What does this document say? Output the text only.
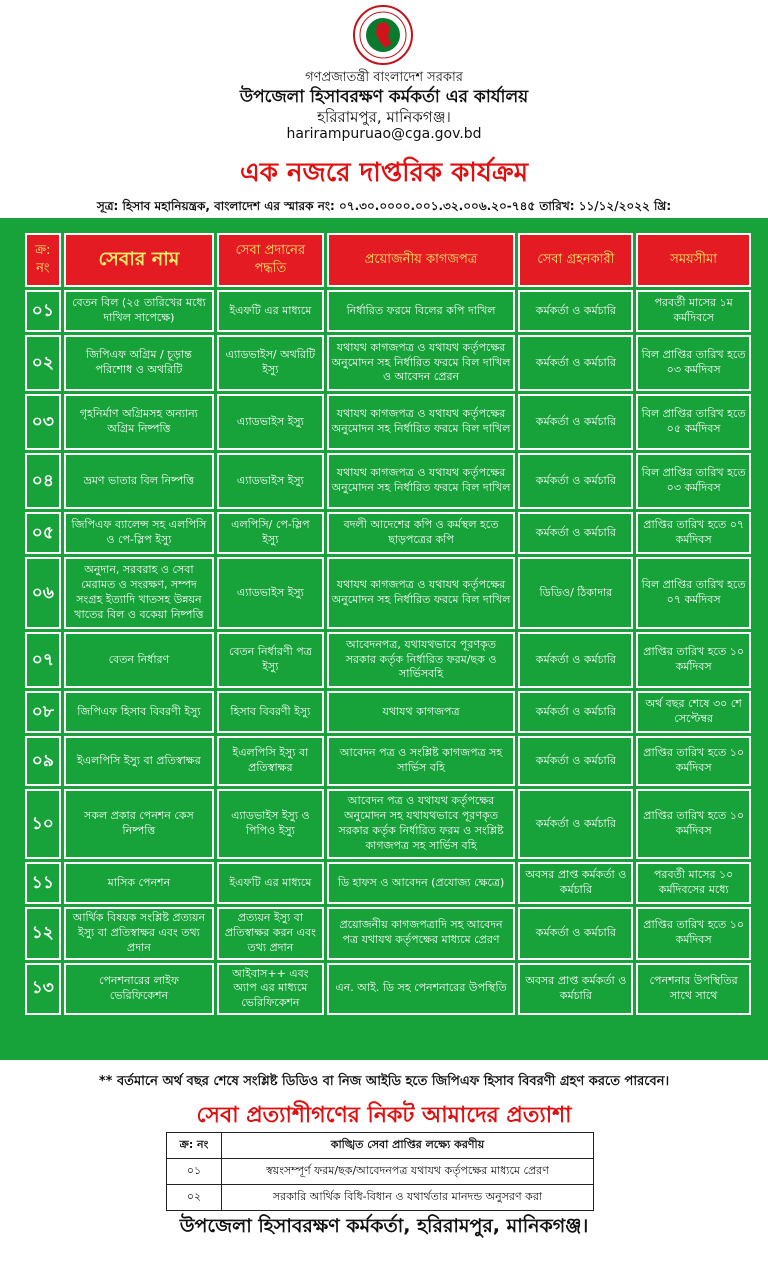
গণপ্রজাতন্ত্রী বাংলাদেশ সরকার
উপজেলা হিসাবরক্ষণ কর্মকর্তা এর কার্যালয়
হরিরামপুর, মানিকগঞ্জ।
harirampuruao@cga.gov.bd
এক নজরে দাপ্তরিক কার্যক্রম
সূত্র: হিসাব মহানিয়ন্ত্রক, বাংলাদেশ এর স্মারক নং: ০৭.৩০.০০০০.০০১.৩২.০০৬.২০-৭৪৫ তারিখ: ১১/১২/২০২২ খ্রি:
ক্র: নং	সেবার নাম	সেবা প্রদানের পদ্ধতি	প্রয়োজনীয় কাগজপত্র	সেবা গ্রহনকারী	সময়সীমা
০১	বেতন বিল (২৫ তারিখের মধ্যে দাখিল সাপেক্ষে)	ইএফটি এর মাধ্যমে	নির্ধারিত ফরমে বিলের কপি দাখিল	কর্মকর্তা ও কর্মচারি	পরবর্তী মাসের ১ম কর্মদিবসে
০২	জিপিএফ অগ্রিম / চূড়ান্ত পরিশোধ ও অথরিটি	এ্যাডভাইস/ অথরিটি ইস্যু	যথাযথ কাগজপত্র ও যথাযথ কর্তৃপক্ষের অনুমোদন সহ নির্ধারিত ফরমে বিল দাখিল ও আবেদন প্রেরন	কর্মকর্তা ও কর্মচারি	বিল প্রাপ্তির তারিখ হতে ০৩ কর্মদিবস
০৩	গৃহনির্মাণ অগ্রিমসহ অন্যান্য অগ্রিম নিষ্পত্তি	এ্যাডভাইস ইস্যু	যথাযথ কাগজপত্র ও যথাযথ কর্তৃপক্ষের অনুমোদন সহ নির্ধারিত ফরমে বিল দাখিল	কর্মকর্তা ও কর্মচারি	বিল প্রাপ্তির তারিখ হতে ০৫ কর্মদিবস
০৪	ভ্রমণ ভাতার বিল নিষ্পত্তি	এ্যাডভাইস ইস্যু	যথাযথ কাগজপত্র ও যথাযথ কর্তৃপক্ষের অনুমোদন সহ নির্ধারিত ফরমে বিল দাখিল	কর্মকর্তা ও কর্মচারি	বিল প্রাপ্তির তারিখ হতে ০৩ কর্মদিবস
০৫	জিপিএফ ব্যালেন্স সহ এলপিসি ও পে-স্লিপ ইস্যু	এলপিসি/ পে-স্লিপ ইস্যু	বদলী আদেশের কপি ও কর্মস্থল হতে ছাড়পত্রের কপি	কর্মকর্তা ও কর্মচারি	প্রাপ্তির তারিখ হতে ০৭ কর্মদিবস
০৬	অনুদান, সরবরাহ ও সেবা মেরামত ও সংরক্ষণ, সম্পদ সংগ্রহ ইত্যাদি খাতসহ উন্নয়ন খাতের বিল ও বকেয়া নিষ্পত্তি	এ্যাডভাইস ইস্যু	যথাযথ কাগজপত্র ও যথাযথ কর্তৃপক্ষের অনুমোদন সহ নির্ধারিত ফরমে বিল দাখিল	ডিডিও/ ঠিকাদার	বিল প্রাপ্তির তারিখ হতে ০৭ কর্মদিবস
০৭	বেতন নির্ধারণ	বেতন নির্ধারণী পত্র ইস্যু	আবেদনপত্র, যথাযথভাবে পূরণকৃত সরকার কর্তৃক নির্ধারিত ফরম/ছক ও সার্ভিসবহি	কর্মকর্তা ও কর্মচারি	প্রাপ্তির তারিখ হতে ১০ কর্মদিবস
০৮	জিপিএফ হিসাব বিবরণী ইস্যু	হিসাব বিবরণী ইস্যু	যথাযথ কাগজপত্র	কর্মকর্তা ও কর্মচারি	অর্থ বছর শেষে ৩০ শে সেপ্টেম্বর
০৯	ইএলপিসি ইস্যু বা প্রতিস্বাক্ষর	ইএলপিসি ইস্যু বা প্রতিস্বাক্ষর	আবেদন পত্র ও সংশ্লিষ্ট কাগজপত্র সহ সার্ভিস বহি	কর্মকর্তা ও কর্মচারি	প্রাপ্তির তারিখ হতে ১০ কর্মদিবস
১০	সকল প্রকার পেনশন কেস নিষ্পত্তি	এ্যাডভাইস ইস্যু ও পিপিও ইস্যু	আবেদন পত্র ও যথাযথ কর্তৃপক্ষের অনুমোদন সহ যথাযথভাবে পূরণকৃত সরকার কর্তৃক নির্ধারিত ফরম ও সংশ্লিষ্ট কাগজপত্র সহ সার্ভিস বহি	কর্মকর্তা ও কর্মচারি	প্রাপ্তির তারিখ হতে ১০ কর্মদিবস
১১	মাসিক পেনশন	ইএফটি এর মাধ্যমে	ডি হাফস ও আবেদন (প্রযোজ্য ক্ষেত্রে)	অবসর প্রাপ্ত কর্মকর্তা ও কর্মচারি	পরবর্তী মাসের ১০ কর্মদিবসের মধ্যে
১২	আর্থিক বিষয়ক সংশ্লিষ্ট প্রত্যয়ন ইস্যু বা প্রতিস্বাক্ষর এবং তথ্য প্রদান	প্রত্যয়ন ইস্যু বা প্রতিস্বাক্ষর করন এবং তথ্য প্রদান	প্রয়োজনীয় কাগজপত্রাদি সহ আবেদন পত্র যথাযথ কর্তৃপক্ষের মাধ্যমে প্রেরণ	কর্মকর্তা ও কর্মচারি	প্রাপ্তির তারিখ হতে ১০ কর্মদিবস
১৩	পেনশনারের লাইফ ভেরিফিকেশন	আইবাস++ এবং অ্যাপ এর মাধ্যমে ভেরিফিকেশন	এন. আই. ডি সহ পেনশনারের উপস্থিতি	অবসর প্রাপ্ত কর্মকর্তা ও কর্মচারি	পেনশনার উপস্থিতির সাথে সাথে
** বর্তমানে অর্থ বছর শেষে সংশ্লিষ্ট ডিডিও বা নিজ আইডি হতে জিপিএফ হিসাব বিবরণী গ্রহণ করতে পারবেন।
সেবা প্রত্যাশীগণের নিকট আমাদের প্রত্যাশা
ক্র: নং	কাঙ্খিত সেবা প্রাপ্তির লক্ষ্যে করণীয়
০১	স্বয়ংসম্পূর্ণ ফরম/ছক/আবেদনপত্র যথাযথ কর্তৃপক্ষের মাধ্যমে প্রেরণ
০২	সরকারি আর্থিক বিধি-বিধান ও যথার্থতার মানদন্ড অনুসরণ করা
উপজেলা হিসাবরক্ষণ কর্মকর্তা, হরিরামপুর, মানিকগঞ্জ।
